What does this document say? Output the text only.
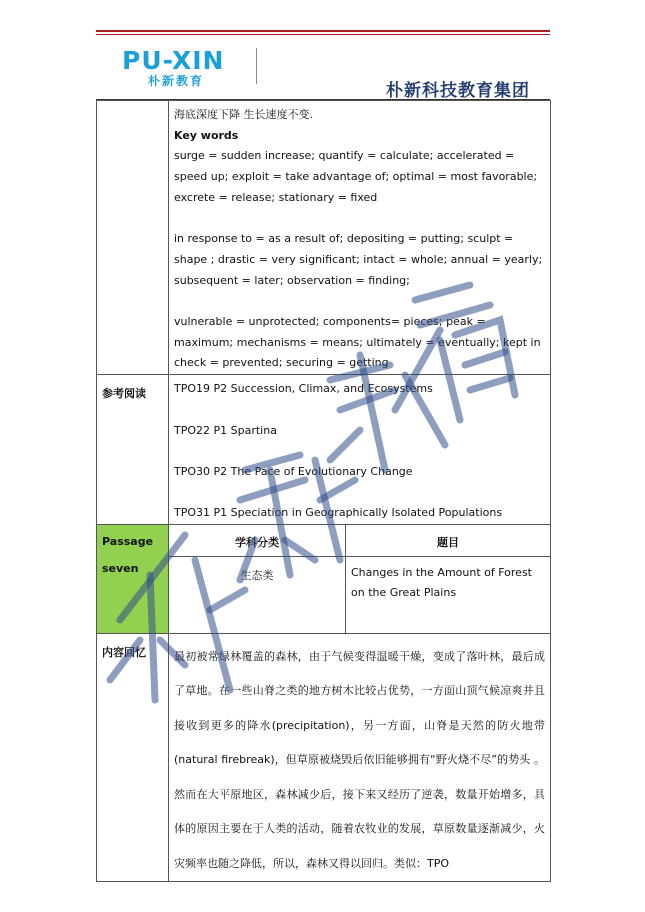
PU-XIN
朴新教育	朴新科技教育集团

	海底深度下降 生长速度不变.

Key words

surge = sudden increase; quantify = calculate; accelerated = speed up; exploit = take advantage of; optimal = most favorable; excrete = release; stationary = fixed

in response to = as a result of; depositing = putting; sculpt = shape ; drastic = very significant; intact = whole; annual = yearly; subsequent = later; observation = finding;

vulnerable = unprotected; components= pieces; peak = maximum; mechanisms = means; ultimately = eventually; kept in check = prevented; securing = getting	

参考阅读	TPO19 P2 Succession, Climax, and Ecosystems

TPO22 P1 Spartina

TPO30 P2 The Pace of Evolutionary Change

TPO31 P1 Speciation in Geographically Isolated Populations	

Passage
seven	学科分类	题目

	生态类	Changes in the Amount of Forest on the Great Plains

内容回忆	最初被常绿林覆盖的森林，由于气候变得温暖干燥，变成了落叶林，最后成了草地。在一些山脊之类的地方树木比较占优势，一方面山顶气候凉爽并且接收到更多的降水(precipitation)，另一方面，山脊是天然的防火地带(natural firebreak)，但草原被烧毁后依旧能够拥有“野火烧不尽”的势头 。然而在大平原地区，森林减少后，接下来又经历了逆袭，数量开始增多，具体的原因主要在于人类的活动，随着农牧业的发展，草原数量逐渐减少，火灾频率也随之降低，所以，森林又得以回归。类似：TPO	
